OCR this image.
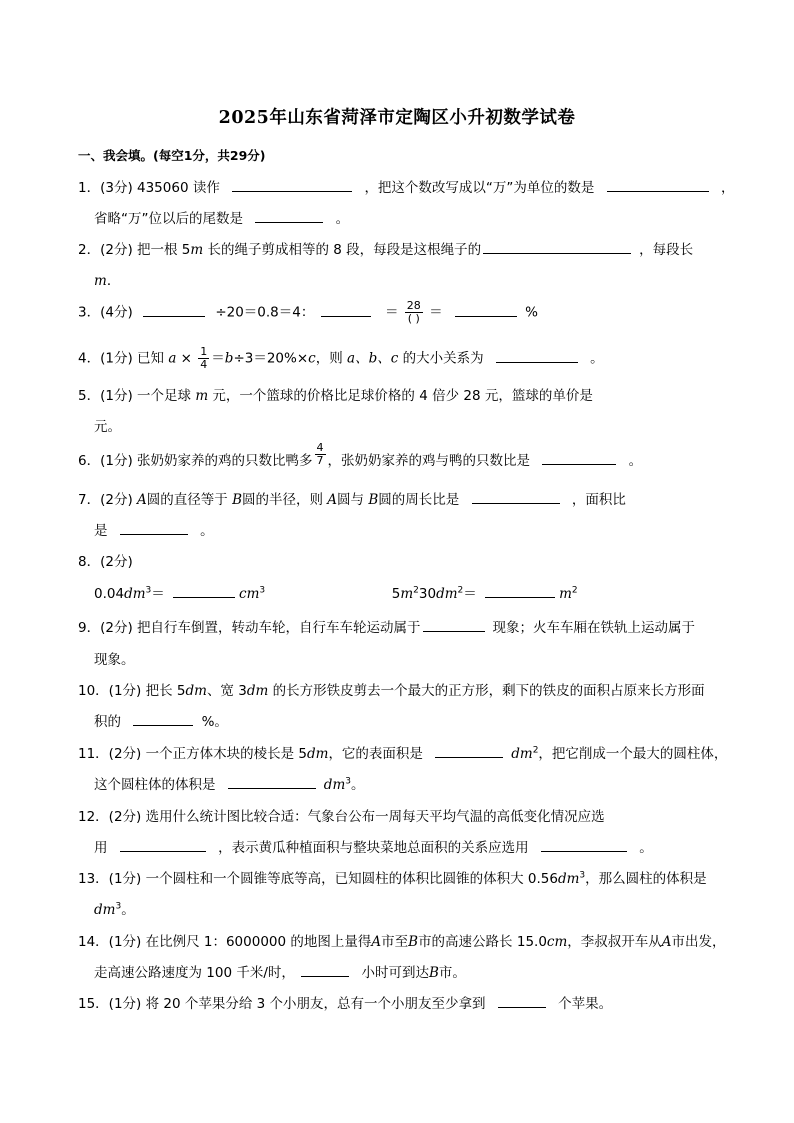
2025年山东省菏泽市定陶区小升初数学试卷
一、我会填。(每空1分，共29分)
1．(3分) 435060 读作	，把这个数改写成以“万”为单位的数是	，
省略“万”位以后的尾数是	。
2．(2分) 把一根 5m 长的绳子剪成相等的 8 段，每段是这根绳子的	，每段长
m．
3．(4分)	÷20＝0.8＝4：	＝ $\frac{28}{( )}$ ＝	%
4．(1分) 已知 $a \times \frac{1}{4} =b\div 3=20\%\times c$，则 a、b、c 的大小关系为	。
5．(1分) 一个足球 m 元，一个篮球的价格比足球价格的 4 倍少 28 元，篮球的单价是
元。
6．(1分) 张奶奶家养的鸡的只数比鸭多 $\frac{4}{7}$ ，张奶奶家养的鸡与鸭的只数比是	。
7．(2分) A圆的直径等于 B圆的半径，则 A圆与 B圆的周长比是	，面积比
是	。
8．(2分)
$0.04dm^3=$	$cm^3$	$5m^230dm^2=$	$m^2$
9．(2分) 把自行车倒置，转动车轮，自行车车轮运动属于	现象；火车车厢在铁轨上运动属于
现象。
10．(1分) 把长 5dm、宽 3dm 的长方形铁皮剪去一个最大的正方形，剩下的铁皮的面积占原来长方形面
积的	%。
11．(2分) 一个正方体木块的棱长是 5dm，它的表面积是	$dm^2$，把它削成一个最大的圆柱体，
这个圆柱体的体积是	$dm^3$。
12．(2分) 选用什么统计图比较合适：气象台公布一周每天平均气温的高低变化情况应选
用	，表示黄瓜种植面积与整块菜地总面积的关系应选用	。
13．(1分) 一个圆柱和一个圆锥等底等高，已知圆柱的体积比圆锥的体积大 $0.56dm^3$，那么圆柱的体积是
$dm^3$。
14．(1分) 在比例尺 1：6000000 的地图上量得A市至B市的高速公路长 15.0cm，李叔叔开车从A市出发，
走高速公路速度为 100 千米/时，	小时可到达B市。
15．(1分) 将 20 个苹果分给 3 个小朋友，总有一个小朋友至少拿到	个苹果。
